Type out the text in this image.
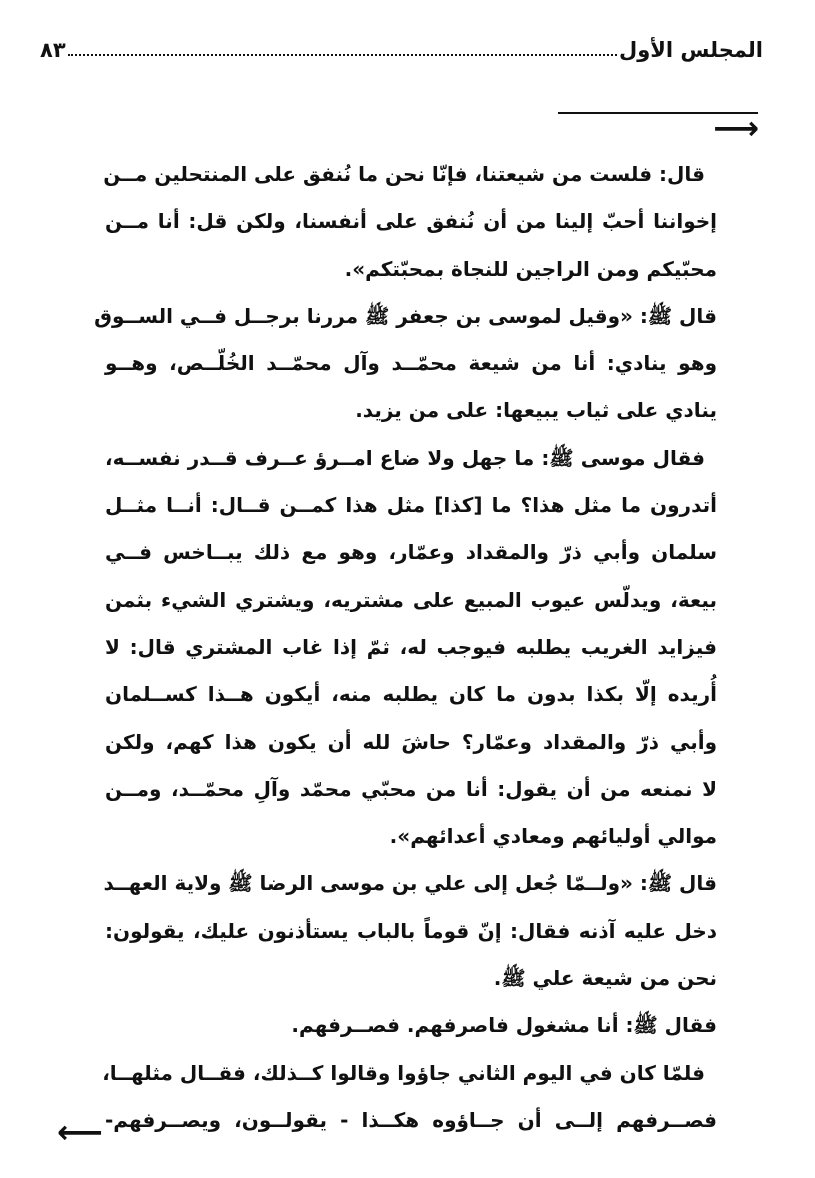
المجلس الأول
٨٣
⟶
قال: فلست من شيعتنا، فإنّا نحن ما نُنفق على المنتحلين مــن
إخواننا أحبّ إلينا من أن نُنفق على أنفسنا، ولكن قل: أنا مــن
محبّيكم ومن الراجين للنجاة بمحبّتكم».
قال ﷺ: «وقيل لموسى بن جعفر ﷺ مررنا برجــل فــي الســوق
وهو ينادي: أنا من شيعة محمّــد وآل محمّــد الخُلّــص، وهــو
ينادي على ثياب يبيعها: على من يزيد.
فقال موسى ﷺ: ما جهل ولا ضاع امــرؤ عــرف قــدر نفســه،
أتدرون ما مثل هذا؟ ما [كذا] مثل هذا كمــن قــال: أنــا مثــل
سلمان وأبي ذرّ والمقداد وعمّار، وهو مع ذلك يبــاخس فــي
بيعة، ويدلّس عيوب المبيع على مشتريه، ويشتري الشيء بثمن
فيزايد الغريب يطلبه فيوجب له، ثمّ إذا غاب المشتري قال: لا
أُريده إلّا بكذا بدون ما كان يطلبه منه، أيكون هــذا كســلمان
وأبي ذرّ والمقداد وعمّار؟ حاشَ لله أن يكون هذا كهم، ولكن
لا نمنعه من أن يقول: أنا من محبّي محمّد وآلِ محمّــد، ومــن
موالي أوليائهم ومعادي أعدائهم».
قال ﷺ: «ولــمّا جُعل إلى علي بن موسى الرضا ﷺ ولاية العهــد
دخل عليه آذنه فقال: إنّ قوماً بالباب يستأذنون عليك، يقولون:
نحن من شيعة علي ﷺ.
فقال ﷺ: أنا مشغول فاصرفهم. فصــرفهم.
فلمّا كان في اليوم الثاني جاؤوا وقالوا كــذلك، فقــال مثلهــا،
فصــرفهم إلــى أن جــاؤوه هكــذا - يقولــون، ويصــرفهم-
⟵
